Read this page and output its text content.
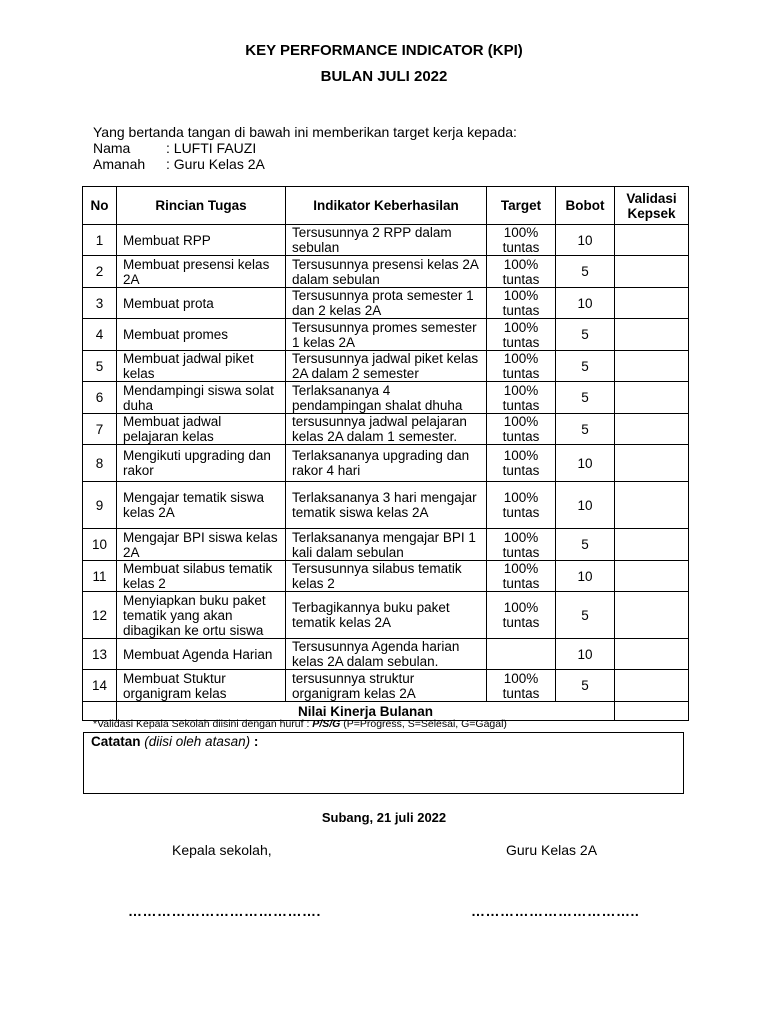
KEY PERFORMANCE INDICATOR (KPI)
BULAN JULI 2022
Yang bertanda tangan di bawah ini memberikan target kerja kepada:
Nama	: LUFTI FAUZI
Amanah	: Guru Kelas 2A
No	Rincian Tugas	Indikator Keberhasilan	Target	Bobot	Validasi Kepsek
1	Membuat RPP	Tersusunnya 2 RPP dalam sebulan	100% tuntas	10	
2	Membuat presensi kelas 2A	Tersusunnya presensi kelas 2A dalam sebulan	100% tuntas	5	
3	Membuat prota	Tersusunnya prota semester 1 dan 2 kelas 2A	100% tuntas	10	
4	Membuat promes	Tersusunnya promes semester 1 kelas 2A	100% tuntas	5	
5	Membuat jadwal piket kelas	Tersusunnya jadwal piket kelas 2A dalam 2 semester	100% tuntas	5	
6	Mendampingi siswa solat duha	Terlaksananya 4 pendampingan shalat dhuha	100% tuntas	5	
7	Membuat jadwal pelajaran kelas	tersusunnya jadwal pelajaran kelas 2A dalam 1 semester.	100% tuntas	5	
8	Mengikuti upgrading dan rakor	Terlaksananya upgrading dan rakor 4 hari	100% tuntas	10	
9	Mengajar tematik siswa kelas 2A	Terlaksananya 3 hari mengajar tematik siswa kelas 2A	100% tuntas	10	
10	Mengajar BPI siswa kelas 2A	Terlaksananya mengajar BPI 1 kali dalam sebulan	100% tuntas	5	
11	Membuat silabus tematik kelas 2	Tersusunnya silabus tematik kelas 2	100% tuntas	10	
12	Menyiapkan buku paket tematik yang akan dibagikan ke ortu siswa	Terbagikannya buku paket tematik kelas 2A	100% tuntas	5	
13	Membuat Agenda Harian	Tersusunnya Agenda harian kelas 2A dalam sebulan.		10	
14	Membuat Stuktur organigram kelas	tersusunnya struktur organigram kelas 2A	100% tuntas	5	
	Nilai Kinerja Bulanan				
*Validasi Kepala Sekolah diisini dengan huruf : P/S/G (P=Progress, S=Selesai, G=Gagal)
Catatan (diisi oleh atasan) :
Subang, 21 juli 2022
Kepala sekolah,	Guru Kelas 2A
………………………………….	……………………………..
